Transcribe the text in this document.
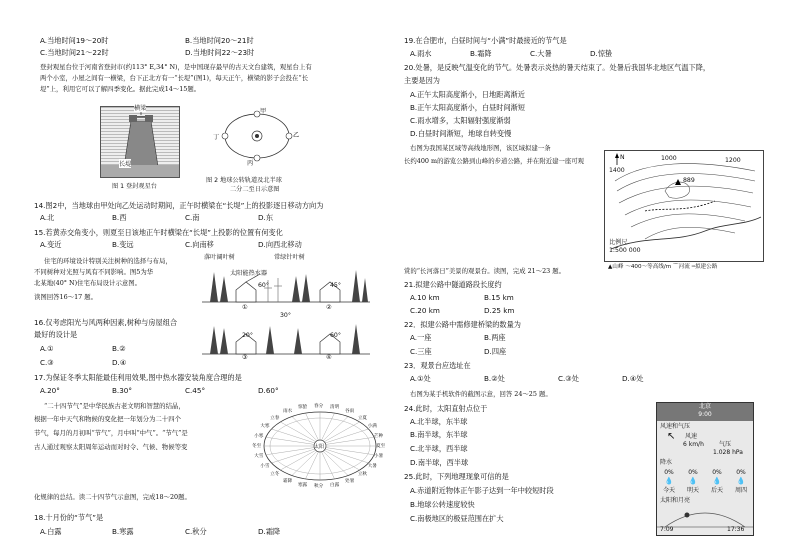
A.当地时间19～20时	B.当地时间20～21时
C.当地时间21～22时	D.当地时间22～23时
登封观星台位于河南省登封市(约113° E,34° N)，是中国现存最早的古天文台建筑，观星台上有
两个小室，小屋之间有一横梁，台下正北方有一“长堤”(图1)，每天正午，横梁的影子会投在“长
堤”上，利用它可以了解四季变化。据此完成14～15题。
横梁
长堤
图 1 登封观星台
甲
乙
丙
丁
图 2 地球公转轨道及北半球
二分二至日示意图
14.图2中，当地球由甲处向乙处运动时期间，正午时横梁在“长堤”上的投影逐日移动方向为
A.北	B.西	C.南	D.东
15.若黄赤交角变小，则夏至日该地正午时横梁在“长堤”上投影的位置有何变化
A.变近	B.变远	C.向南移	D.向西北移动
住宅的环境设计特别关注树种的选择与布局，
不同树种对光照与风有不同影响。图5为华
北某地(40° N)住宅布局设计示意图。
读图回答16～17 题。
落叶阔叶树	常绿针叶树
太阳能热水器
60°	45°
20°	60°
30°
①	②
③	④
16.仅考虑阳光与风两种因素,树种与房屋组合
最好的设计是
A.①	B.②
C.③	D.④
17.为保证冬季太阳能最佳利用效果,图中热水器安装角度合理的是
A.20°	B.30°	C.45°	D.60°
“二十四节气”是中华民族古老文明和智慧的结晶，
根据一年中天气和物候的变化把一年划分为二十四个
节气，每月的月初叫“节气”，月中叫“中气”。“节气”是
古人通过观察太阳周年运动而对时令、气候、物候等变
化规律的总结。读二十四节气示意图，完成18～20题。
太阳
春分 清明
谷雨
立夏
小满
芒种
夏至
小暑
大暑
立秋
处暑
白露
秋分
寒露
霜降
立冬
小雪
大雪
冬至
小寒
大寒
立春
雨水
惊蛰
18.十月份的“节气”是
A.白露	B.寒露	C.秋分	D.霜降
19.在合肥市，白昼时间与“小满”时最接近的节气是
A.雨水	B.霜降	C.大暑	D.惊蛰
20.处暑，是反映气温变化的节气。处暑表示炎热的暑天结束了。处暑后我国华北地区气温下降，
主要是因为
A.正午太阳高度渐小，日地距离渐近
B.正午太阳高度渐小，白昼时间渐短
C.雨水增多，太阳辐射强度渐弱
D.白昼时间渐短，地球自转变慢
右图为我国某区域等高线地形图，该区域拟建一条
长约400 m的游览公路到山峰的步道公路，并在附近建一座可观
1400
1000	1200
N
889
比例尺
1:500 000
▲山峰 ～400～等高线/m ⌒河流 ┅拟建公路
赏的“长河落日”美景的观景台。读图，完成 21～23 题。
21.拟建公路中隧道路段长度约
A.10 km	B.15 km
C.20 km	D.25 km
22．拟建公路中需修建桥梁的数量为
A.一座	B.两座
C.三座	D.四座
23．观景台应选址在
A.①处	B.②处	C.③处	D.④处
右图为某手机软件的截图示意，回答 24～25 题。
24.此时，太阳直射点位于
A.北半球，东半球
B.南半球，东半球
C.北半球，西半球
D.南半球，西半球
25.此时，下列地理现象可信的是
A.赤道附近物体正午影子达到一年中较短时段
B.地球公转速度较快
C.南极地区的极昼范围在扩大
北京
9:00
风速和气压
风速
↖
6 km/h	气压
1.028 hPa
降水
0% 0% 0% 0%
💧 💧 💧 💧
今天 明天 后天 周四
太阳和月亮
7:09	17:36
